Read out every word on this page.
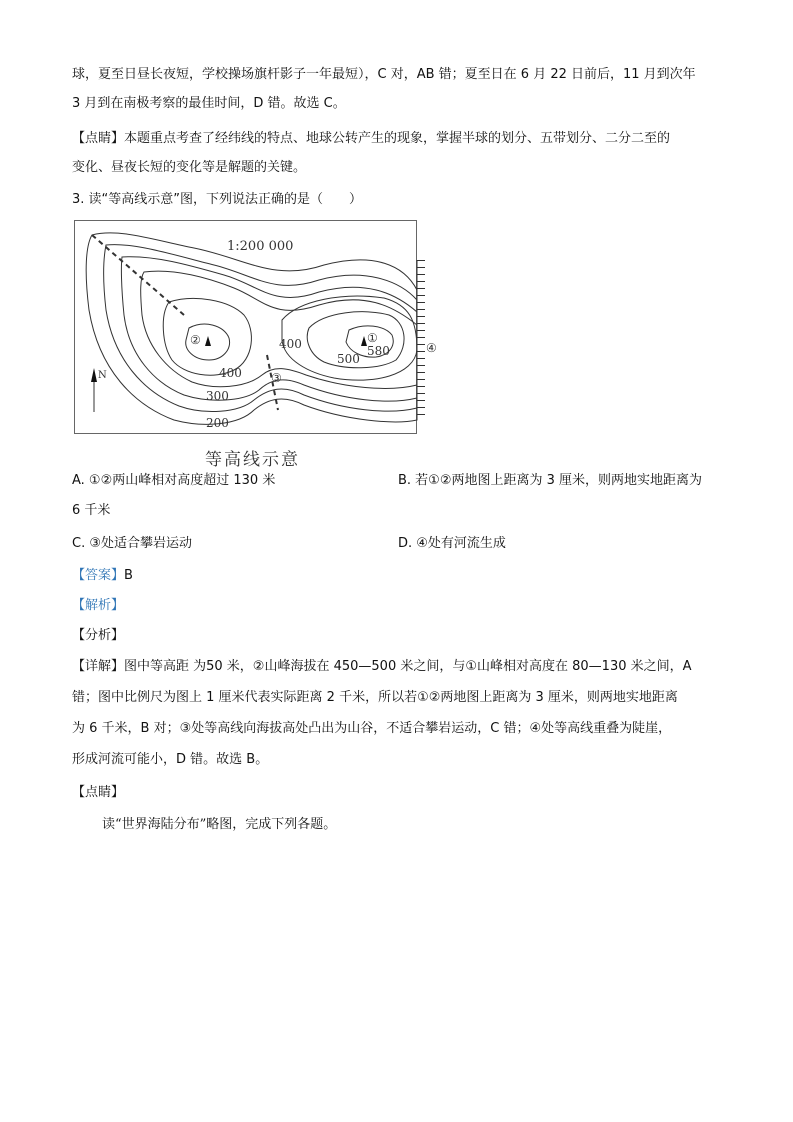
球，夏至日昼长夜短，学校操场旗杆影子一年最短），C 对，AB 错；夏至日在 6 月 22 日前后，11 月到次年
3 月到在南极考察的最佳时间，D 错。故选 C。
【点睛】本题重点考查了经纬线的特点、地球公转产生的现象，掌握半球的划分、五带划分、二分二至的
变化、昼夜长短的变化等是解题的关键。
3. 读“等高线示意”图，下列说法正确的是（　　）
1:200 000
N
②	①
580
500
400
400
300
200
③
④
等高线示意
A. ①②两山峰相对高度超过 130 米	B. 若①②两地图上距离为 3 厘米，则两地实地距离为
6 千米
C. ③处适合攀岩运动	D. ④处有河流生成
【答案】B
【解析】
【分析】
【详解】图中等高距 为50 米，②山峰海拔在 450—500 米之间，与①山峰相对高度在 80—130 米之间，A
错；图中比例尺为图上 1 厘米代表实际距离 2 千米，所以若①②两地图上距离为 3 厘米，则两地实地距离
为 6 千米，B 对；③处等高线向海拔高处凸出为山谷，不适合攀岩运动，C 错；④处等高线重叠为陡崖，
形成河流可能小，D 错。故选 B。
【点睛】
读“世界海陆分布”略图，完成下列各题。
